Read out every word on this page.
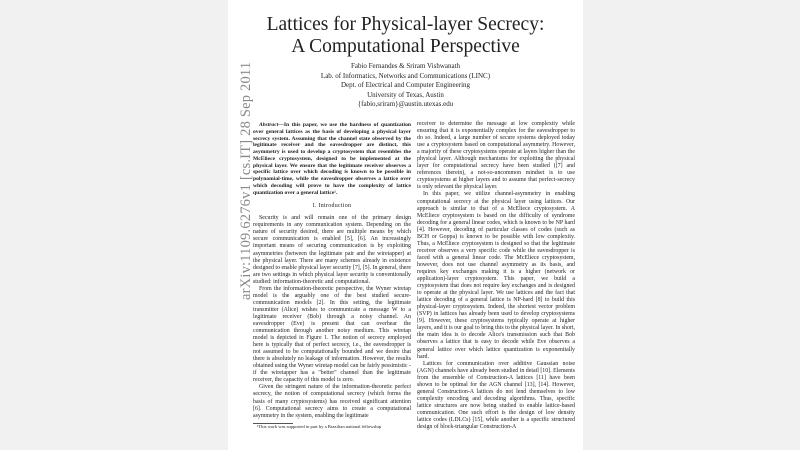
Lattices for Physical-layer Secrecy:
A Computational Perspective
Fabio Fernandes & Sriram Vishwanath
Lab. of Informatics, Networks and Communications (LINC)
Dept. of Electrical and Computer Engineering
University of Texas, Austin
{fabio,sriram}@austin.utexas.edu

Abstract—In this paper, we use the hardness of quantization over general lattices as the basis of developing a physical layer secrecy system. Assuming that the channel state observed by the legitimate receiver and the eavesdropper are distinct, this asymmetry is used to develop a cryptosystem that resembles the McEliece cryptosystem, designed to be implemented at the physical layer. We ensure that the legitimate receiver observes a specific lattice over which decoding is known to be possible in polynomial-time, while the eavesdropper observes a lattice over which decoding will prove to have the complexity of lattice quantization over a general lattice¹.

I. Introduction

Security is and will remain one of the primary design requirements in any communication system. Depending on the nature of security desired, there are multiple means by which secure communication is enabled [5], [6]. An increasingly important means of securing communication is by exploiting asymmetries (between the legitimate pair and the wiretapper) at the physical layer. There are many schemes already in existence designed to enable physical layer security [7], [5]. In general, there are two settings in which physical layer security is conventionally studied: information-theoretic and computational.

From the information-theoretic perspective, the Wyner wiretap model is the arguably one of the best studied secure-communication models [2]. In this setting, the legitimate transmitter (Alice) wishes to communicate a message W to a legitimate receiver (Bob) through a noisy channel. An eavesdropper (Eve) is present that can overhear the communication through another noisy medium. This wiretap model is depicted in Figure 1. The notion of secrecy employed here is typically that of perfect secrecy, i.e., the eavesdropper is not assumed to be computationally bounded and we desire that there is absolutely no leakage of information. However, the results obtained using the Wyner wiretap model can be fairly pessimistic - if the wiretapper has a "better" channel than the legitimate receiver, the capacity of this model is zero.

Given the stringent nature of the information-theoretic perfect secrecy, the notion of computational secrecy (which forms the basis of many cryptosystems) has received significant attention [6]. Computational secrecy aims to create a computational asymmetry in the system, enabling the legitimate

¹This work was supported in part by a Brazilian national fellowship

receiver to determine the message at low complexity while ensuring that it is exponentially complex for the eavesdropper to do so. Indeed, a large number of secure systems deployed today use a cryptosystem based on computational asymmetry. However, a majority of these cryptosystems operate at layers higher than the physical layer. Although mechanisms for exploiting the physical layer for computational secrecy have been studied ([7] and references therein), a not-so-uncommon mindset is to use cryptosystems at higher layers and to assume that perfect-secrecy is only relevant the physical layer.

In this paper, we utilize channel-asymmetry in enabling computational secrecy at the physical layer using lattices. Our approach is similar to that of a McEliece cryptosystem. A McEliece cryptosystem is based on the difficulty of syndrome decoding for a general linear codes, which is known to be NP hard [4]. However, decoding of particular classes of codes (such as BCH or Goppa) is known to be possible with low complexity. Thus, a McEliece cryptosystem is designed so that the legitimate receiver observes a very specific code while the eavesdropper is faced with a general linear code. The McEliece cryptosystem, however, does not use channel asymmetry as its basis, and requires key exchanges making it is a higher (network or application)-layer cryptosystem. This paper, we build a cryptosystem that does not require key exchanges and is designed to operate at the physical layer. We use lattices and the fact that lattice decoding of a general lattice is NP-hard [8] to build this physical-layer cryptosystem. Indeed, the shortest vector problem (SVP) in lattices has already been used to develop cryptosystems [9]. However, these cryptosystems typically operate at higher layers, and it is our goal to bring this to the physical layer. In short, the main idea is to decode Alice's transmission such that Bob observes a lattice that is easy to decode while Eve observes a general lattice over which lattice quantization is exponentially hard.

Lattices for communication over additive Gaussian noise (AGN) channels have already been studied in detail [10]. Elements from the ensemble of Construction-A lattices [11] have been shown to be optimal for the AGN channel [13], [14]. However, general Construction-A lattices do not lend themselves to low complexity encoding and decoding algorithms. Thus, specific lattice structures are now being studied to enable lattice-based communication. One such effort is the design of low density lattice codes (LDLCs) [15], while another is a specific structured design of block-triangular Construction-A

arXiv:1109.6276v1 [cs.IT] 28 Sep 2011
